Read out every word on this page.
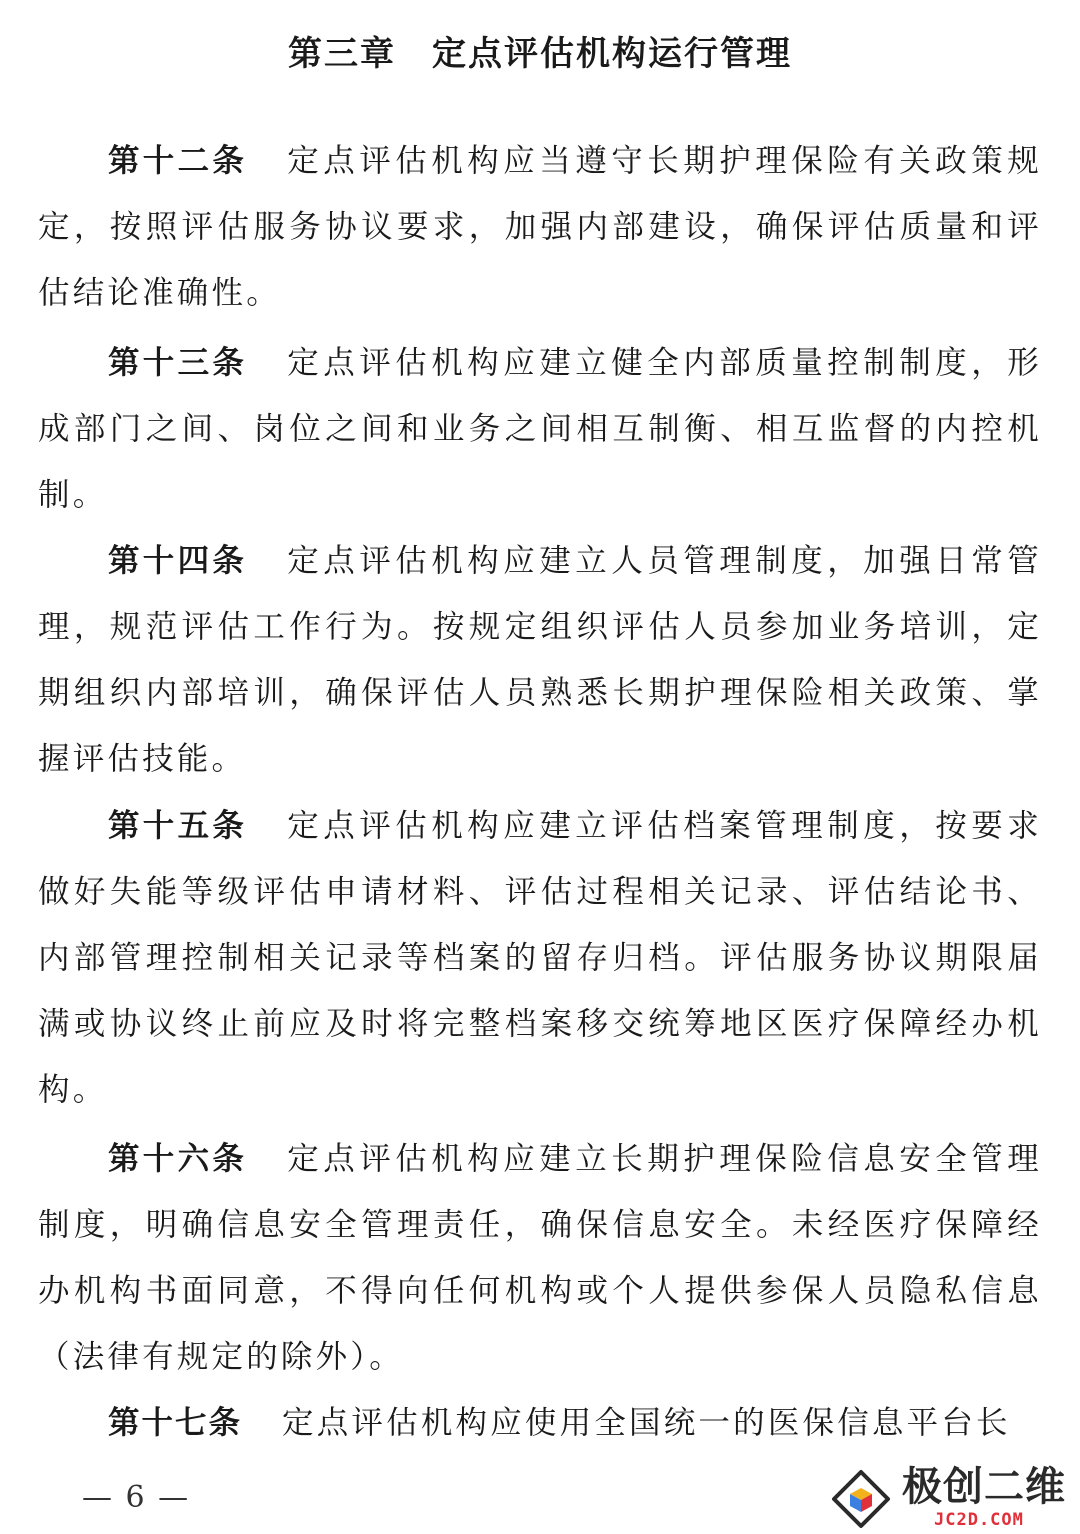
第三章　定点评估机构运行管理

第十二条 定点评估机构应当遵守长期护理保险有关政策规定，按照评估服务协议要求，加强内部建设，确保评估质量和评估结论准确性。

第十三条 定点评估机构应建立健全内部质量控制制度，形成部门之间、岗位之间和业务之间相互制衡、相互监督的内控机制。

第十四条 定点评估机构应建立人员管理制度，加强日常管理，规范评估工作行为。按规定组织评估人员参加业务培训，定期组织内部培训，确保评估人员熟悉长期护理保险相关政策、掌握评估技能。

第十五条 定点评估机构应建立评估档案管理制度，按要求做好失能等级评估申请材料、评估过程相关记录、评估结论书、内部管理控制相关记录等档案的留存归档。评估服务协议期限届满或协议终止前应及时将完整档案移交统筹地区医疗保障经办机构。

第十六条 定点评估机构应建立长期护理保险信息安全管理制度，明确信息安全管理责任，确保信息安全。未经医疗保障经办机构书面同意，不得向任何机构或个人提供参保人员隐私信息（法律有规定的除外）。

第十七条 定点评估机构应使用全国统一的医保信息平台长

— 6 —	极创二维
JC2D.COM
